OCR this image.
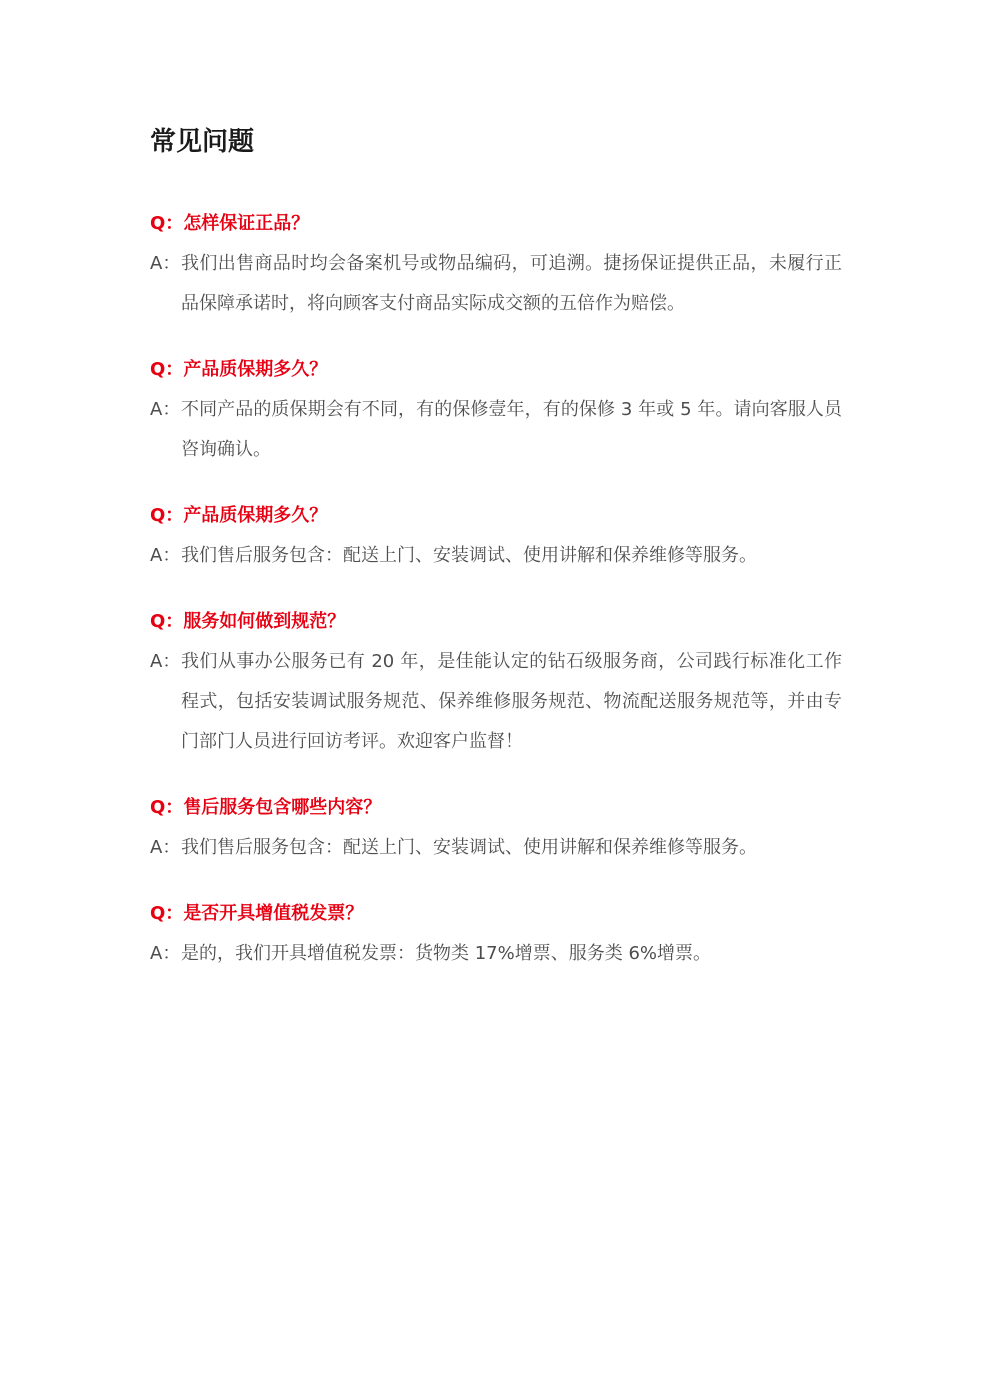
常见问题
Q：怎样保证正品？
A： 我们出售商品时均会备案机号或物品编码，可追溯。捷扬保证提供正品，未履行正品保障承诺时，将向顾客支付商品实际成交额的五倍作为赔偿。
Q：产品质保期多久？
A： 不同产品的质保期会有不同，有的保修壹年，有的保修 3 年或 5 年。请向客服人员咨询确认。
Q：产品质保期多久？
A： 我们售后服务包含：配送上门、安装调试、使用讲解和保养维修等服务。
Q：服务如何做到规范？
A： 我们从事办公服务已有 20 年，是佳能认定的钻石级服务商，公司践行标准化工作程式，包括安装调试服务规范、保养维修服务规范、物流配送服务规范等，并由专门部门人员进行回访考评。欢迎客户监督！
Q：售后服务包含哪些内容？
A： 我们售后服务包含：配送上门、安装调试、使用讲解和保养维修等服务。
Q：是否开具增值税发票？
A： 是的，我们开具增值税发票：货物类 17%增票、服务类 6%增票。
